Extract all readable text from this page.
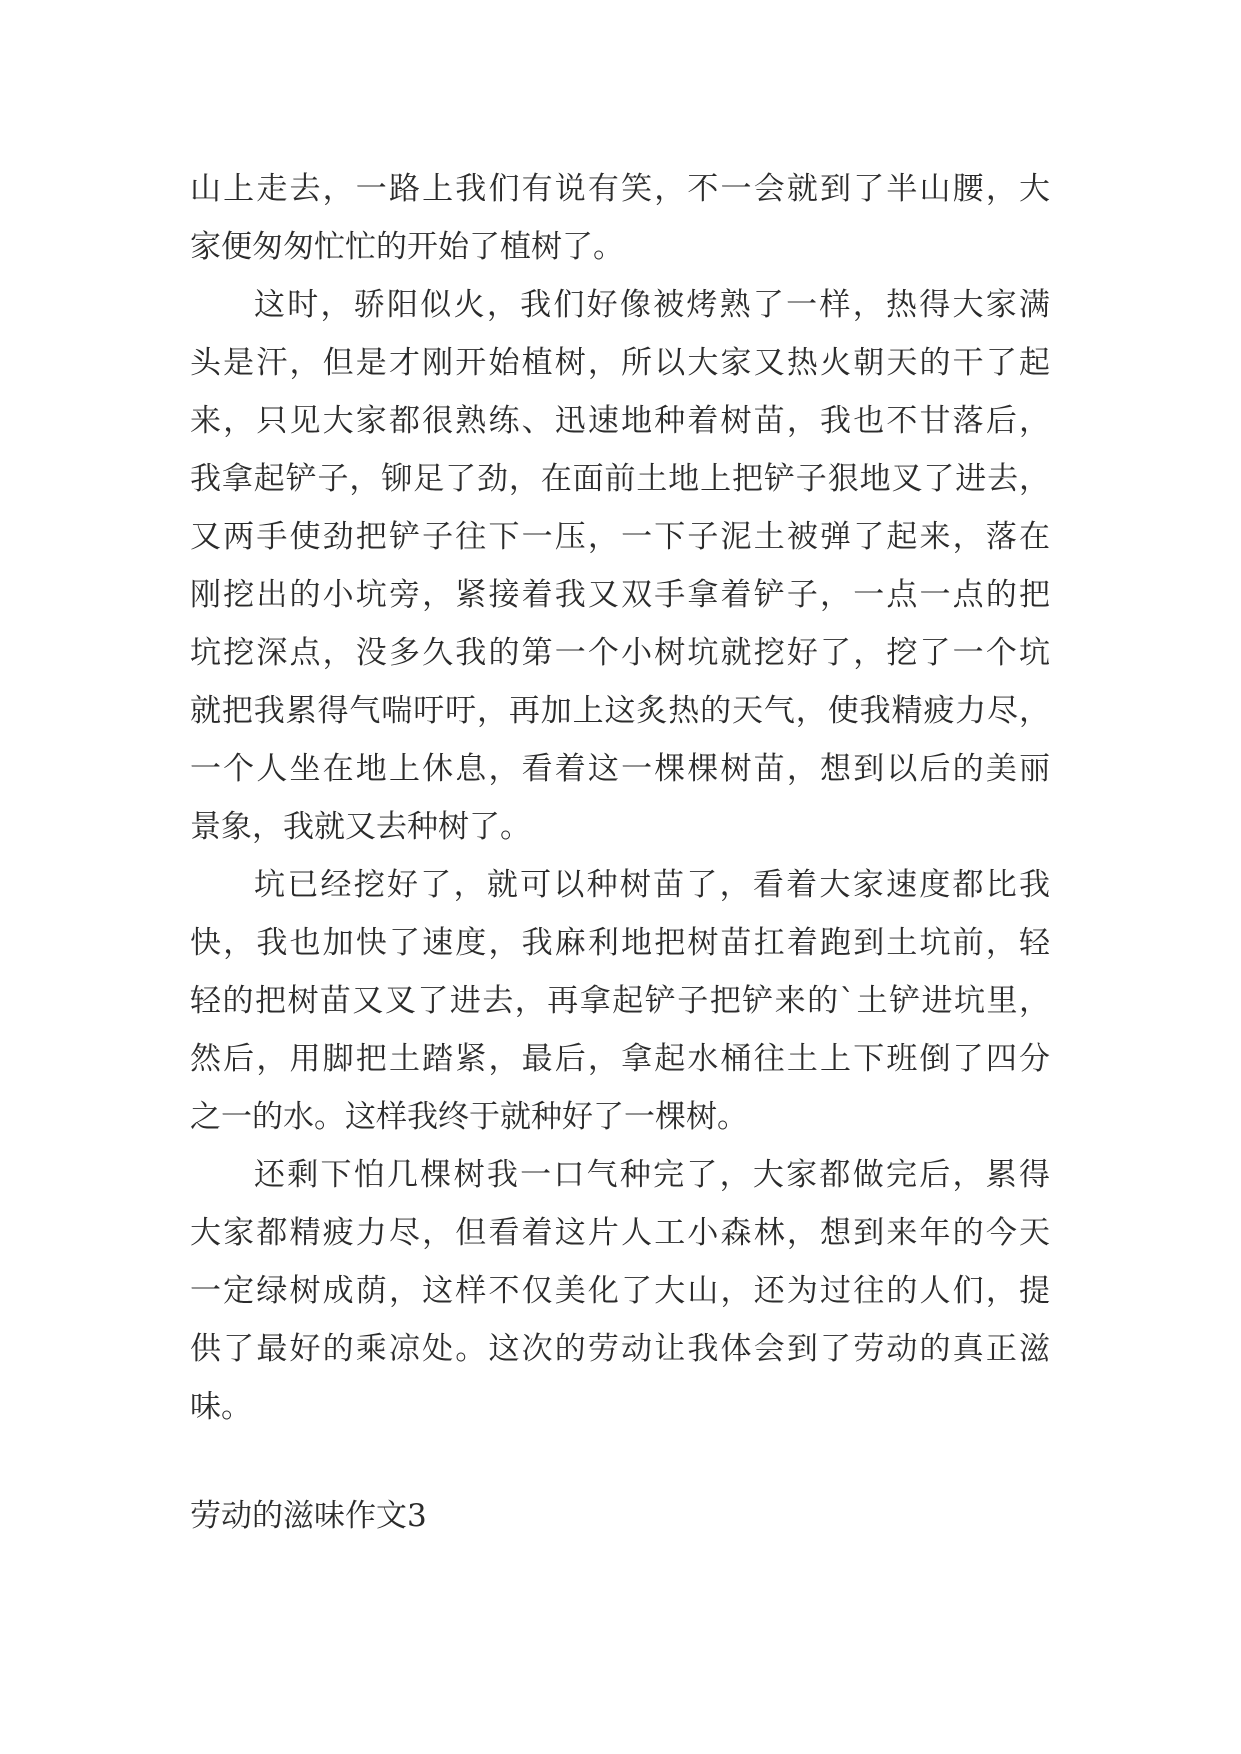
山上走去，一路上我们有说有笑，不一会就到了半山腰，大
家便匆匆忙忙的开始了植树了。
这时，骄阳似火，我们好像被烤熟了一样，热得大家满
头是汗，但是才刚开始植树，所以大家又热火朝天的干了起
来，只见大家都很熟练、迅速地种着树苗，我也不甘落后，
我拿起铲子，铆足了劲，在面前土地上把铲子狠地叉了进去，
又两手使劲把铲子往下一压，一下子泥土被弹了起来，落在
刚挖出的小坑旁，紧接着我又双手拿着铲子，一点一点的把
坑挖深点，没多久我的第一个小树坑就挖好了，挖了一个坑
就把我累得气喘吁吁，再加上这炙热的天气，使我精疲力尽，
一个人坐在地上休息，看着这一棵棵树苗，想到以后的美丽
景象，我就又去种树了。
坑已经挖好了，就可以种树苗了，看着大家速度都比我
快，我也加快了速度，我麻利地把树苗扛着跑到土坑前，轻
轻的把树苗又叉了进去，再拿起铲子把铲来的`土铲进坑里，
然后，用脚把土踏紧，最后，拿起水桶往土上下班倒了四分
之一的水。这样我终于就种好了一棵树。
还剩下怕几棵树我一口气种完了，大家都做完后，累得
大家都精疲力尽，但看着这片人工小森林，想到来年的今天
一定绿树成荫，这样不仅美化了大山，还为过往的人们，提
供了最好的乘凉处。这次的劳动让我体会到了劳动的真正滋
味。
劳动的滋味作文3
